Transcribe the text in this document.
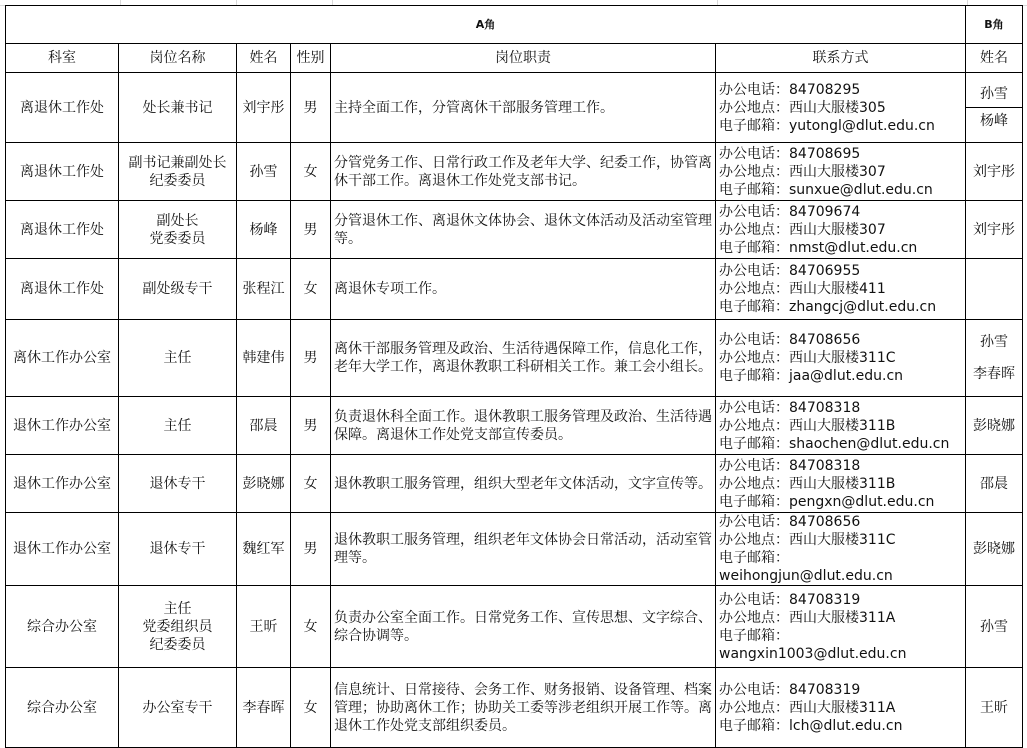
A角						B角
科室	岗位名称	姓名	性别	岗位职责	联系方式	姓名
离退休工作处	处长兼书记	刘宇彤	男	主持全面工作，分管离休干部服务管理工作。	办公电话：84708295
办公地点：西山大服楼305
电子邮箱：yutongl@dlut.edu.cn	孙雪
杨峰

离退休工作处	副书记兼副处长
纪委委员	孙雪	女	分管党务工作、日常行政工作及老年大学、纪委工作，协管离休干部工作。离退休工作处党支部书记。	办公电话：84708695
办公地点：西山大服楼307
电子邮箱：sunxue@dlut.edu.cn	刘宇彤

离退休工作处	副处长
党委委员	杨峰	男	分管退休工作、离退休文体协会、退休文体活动及活动室管理等。	办公电话：84709674
办公地点：西山大服楼307
电子邮箱：nmst@dlut.edu.cn	刘宇彤

离退休工作处	副处级专干	张程江	女	离退休专项工作。	办公电话：84706955
办公地点：西山大服楼411
电子邮箱：zhangcj@dlut.edu.cn	

离休工作办公室	主任	韩建伟	男	离休干部服务管理及政治、生活待遇保障工作，信息化工作，老年大学工作，离退休教职工科研相关工作。兼工会小组长。	办公电话：84708656
办公地点：西山大服楼311C
电子邮箱：jaa@dlut.edu.cn	孙雪
李春晖

退休工作办公室	主任	邵晨	男	负责退休科全面工作。退休教职工服务管理及政治、生活待遇保障。离退休工作处党支部宣传委员。	办公电话：84708318
办公地点：西山大服楼311B
电子邮箱：shaochen@dlut.edu.cn	彭晓娜

退休工作办公室	退休专干	彭晓娜	女	退休教职工服务管理，组织大型老年文体活动，文字宣传等。	办公电话：84708318
办公地点：西山大服楼311B
电子邮箱：pengxn@dlut.edu.cn	邵晨

退休工作办公室	退休专干	魏红军	男	退休教职工服务管理，组织老年文体协会日常活动，活动室管理等。	办公电话：84708656
办公地点：西山大服楼311C
电子邮箱：
weihongjun@dlut.edu.cn	彭晓娜

综合办公室	主任
党委组织员
纪委委员	王昕	女	负责办公室全面工作。日常党务工作、宣传思想、文字综合、综合协调等。	办公电话：84708319
办公地点：西山大服楼311A
电子邮箱：
wangxin1003@dlut.edu.cn	孙雪

综合办公室	办公室专干	李春晖	女	信息统计、日常接待、会务工作、财务报销、设备管理、档案管理；协助离休工作；协助关工委等涉老组织开展工作等。离退休工作处党支部组织委员。	办公电话：84708319
办公地点：西山大服楼311A
电子邮箱：lch@dlut.edu.cn	王昕
